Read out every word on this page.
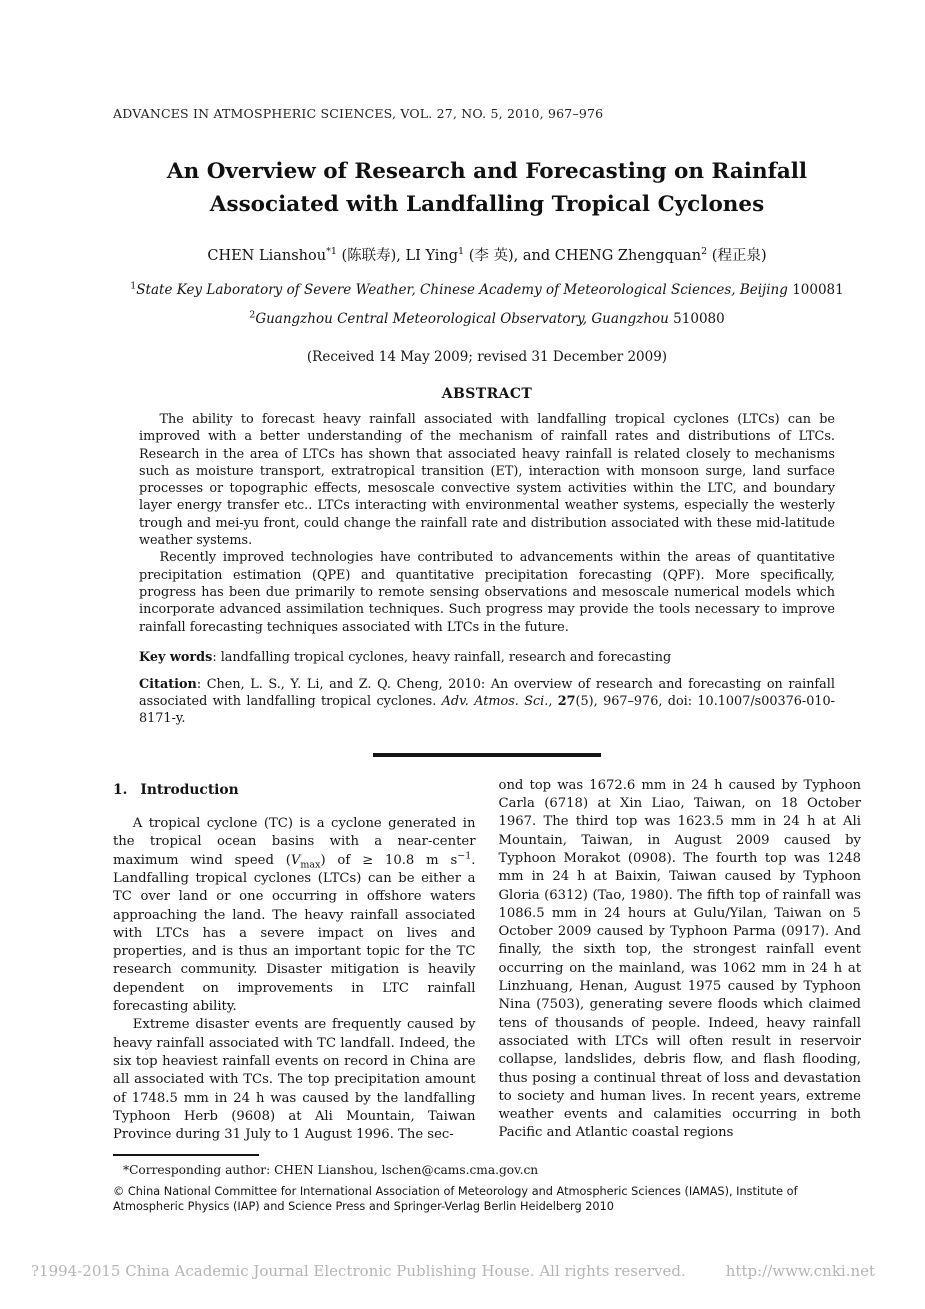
ADVANCES IN ATMOSPHERIC SCIENCES, VOL. 27, NO. 5, 2010, 967–976
An Overview of Research and Forecasting on Rainfall
Associated with Landfalling Tropical Cyclones
CHEN Lianshou$^{*1}$ (陈联寿), LI Ying$^1$ (李 英), and CHENG Zhengquan$^2$ (程正泉)
$^1$State Key Laboratory of Severe Weather, Chinese Academy of Meteorological Sciences, Beijing 100081
$^2$Guangzhou Central Meteorological Observatory, Guangzhou 510080
(Received 14 May 2009; revised 31 December 2009)
ABSTRACT

The ability to forecast heavy rainfall associated with landfalling tropical cyclones (LTCs) can be improved with a better understanding of the mechanism of rainfall rates and distributions of LTCs. Research in the area of LTCs has shown that associated heavy rainfall is related closely to mechanisms such as moisture transport, extratropical transition (ET), interaction with monsoon surge, land surface processes or topographic effects, mesoscale convective system activities within the LTC, and boundary layer energy transfer etc.. LTCs interacting with environmental weather systems, especially the westerly trough and mei-yu front, could change the rainfall rate and distribution associated with these mid-latitude weather systems.

Recently improved technologies have contributed to advancements within the areas of quantitative precipitation estimation (QPE) and quantitative precipitation forecasting (QPF). More specifically, progress has been due primarily to remote sensing observations and mesoscale numerical models which incorporate advanced assimilation techniques. Such progress may provide the tools necessary to improve rainfall forecasting techniques associated with LTCs in the future.

Key words: landfalling tropical cyclones, heavy rainfall, research and forecasting
Citation: Chen, L. S., Y. Li, and Z. Q. Cheng, 2010: An overview of research and forecasting on rainfall associated with landfalling tropical cyclones. Adv. Atmos. Sci., 27(5), 967–976, doi: 10.1007/s00376-010-8171-y.
1. Introduction

A tropical cyclone (TC) is a cyclone generated in the tropical ocean basins with a near-center maximum wind speed $(V_{max})$ of ≥ 10.8 m $s^{-1}$. Landfalling tropical cyclones (LTCs) can be either a TC over land or one occurring in offshore waters approaching the land. The heavy rainfall associated with LTCs has a severe impact on lives and properties, and is thus an important topic for the TC research community. Disaster mitigation is heavily dependent on improvements in LTC rainfall forecasting ability.

Extreme disaster events are frequently caused by heavy rainfall associated with TC landfall. Indeed, the six top heaviest rainfall events on record in China are all associated with TCs. The top precipitation amount of 1748.5 mm in 24 h was caused by the landfalling Typhoon Herb (9608) at Ali Mountain, Taiwan Province during 31 July to 1 August 1996. The sec-

ond top was 1672.6 mm in 24 h caused by Typhoon Carla (6718) at Xin Liao, Taiwan, on 18 October 1967. The third top was 1623.5 mm in 24 h at Ali Mountain, Taiwan, in August 2009 caused by Typhoon Morakot (0908). The fourth top was 1248 mm in 24 h at Baixin, Taiwan caused by Typhoon Gloria (6312) (Tao, 1980). The fifth top of rainfall was 1086.5 mm in 24 hours at Gulu/Yilan, Taiwan on 5 October 2009 caused by Typhoon Parma (0917). And finally, the sixth top, the strongest rainfall event occurring on the mainland, was 1062 mm in 24 h at Linzhuang, Henan, August 1975 caused by Typhoon Nina (7503), generating severe floods which claimed tens of thousands of people. Indeed, heavy rainfall associated with LTCs will often result in reservoir collapse, landslides, debris flow, and flash flooding, thus posing a continual threat of loss and devastation to society and human lives. In recent years, extreme weather events and calamities occurring in both Pacific and Atlantic coastal regions

*Corresponding author: CHEN Lianshou, lschen@cams.cma.gov.cn
© China National Committee for International Association of Meteorology and Atmospheric Sciences (IAMAS), Institute of Atmospheric Physics (IAP) and Science Press and Springer-Verlag Berlin Heidelberg 2010
?1994-2015 China Academic Journal Electronic Publishing House. All rights reserved.	http://www.cnki.net
